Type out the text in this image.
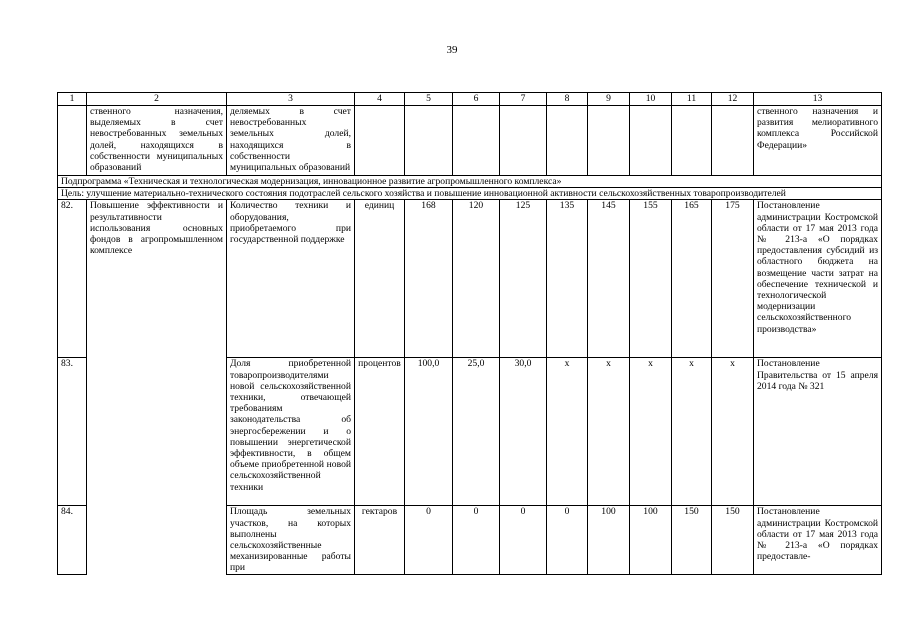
39
1	2	3	4	5	6	7	8	9	10	11	12	13
	ственного назначения, выделяемых в счет невостребованных земельных долей, находящихся в собственности муниципальных образований	деляемых в счет невостребованных земельных долей, находящихся в собственности муниципальных образований										ственного назначения и развития мелиоративного комплекса Российской Федерации»
Подпрограмма «Техническая и технологическая модернизация, инновационное развитие агропромышленного комплекса»												
Цель: улучшение материально-технического состояния подотраслей сельского хозяйства и повышение инновационной активности сельскохозяйственных товаропроизводителей												
82.	Повышение эффективности и результативности использования основных фондов в агропромышленном комплексе	Количество техники и оборудования, приобретаемого при государственной поддержке	единиц	168	120	125	135	145	155	165	175	Постановление администрации Костромской области от 17 мая 2013 года № 213-а «О порядках предоставления субсидий из областного бюджета на возмещение части затрат на обеспечение технической и технологической модернизации сельскохозяйственного производства»
83.		Доля приобретенной товаропроизводителями новой сельскохозяйственной техники, отвечающей требованиям законодательства об энергосбережении и о повышении энергетической эффективности, в общем объеме приобретенной новой сельскохозяйственной техники	процентов	100,0	25,0	30,0	x	x	x	x	x	Постановление Правительства от 15 апреля 2014 года № 321
84.		Площадь земельных участков, на которых выполнены сельскохозяйственные механизированные работы при	гектаров	0	0	0	0	100	100	150	150	Постановление администрации Костромской области от 17 мая 2013 года № 213-а «О порядках предоставле-
